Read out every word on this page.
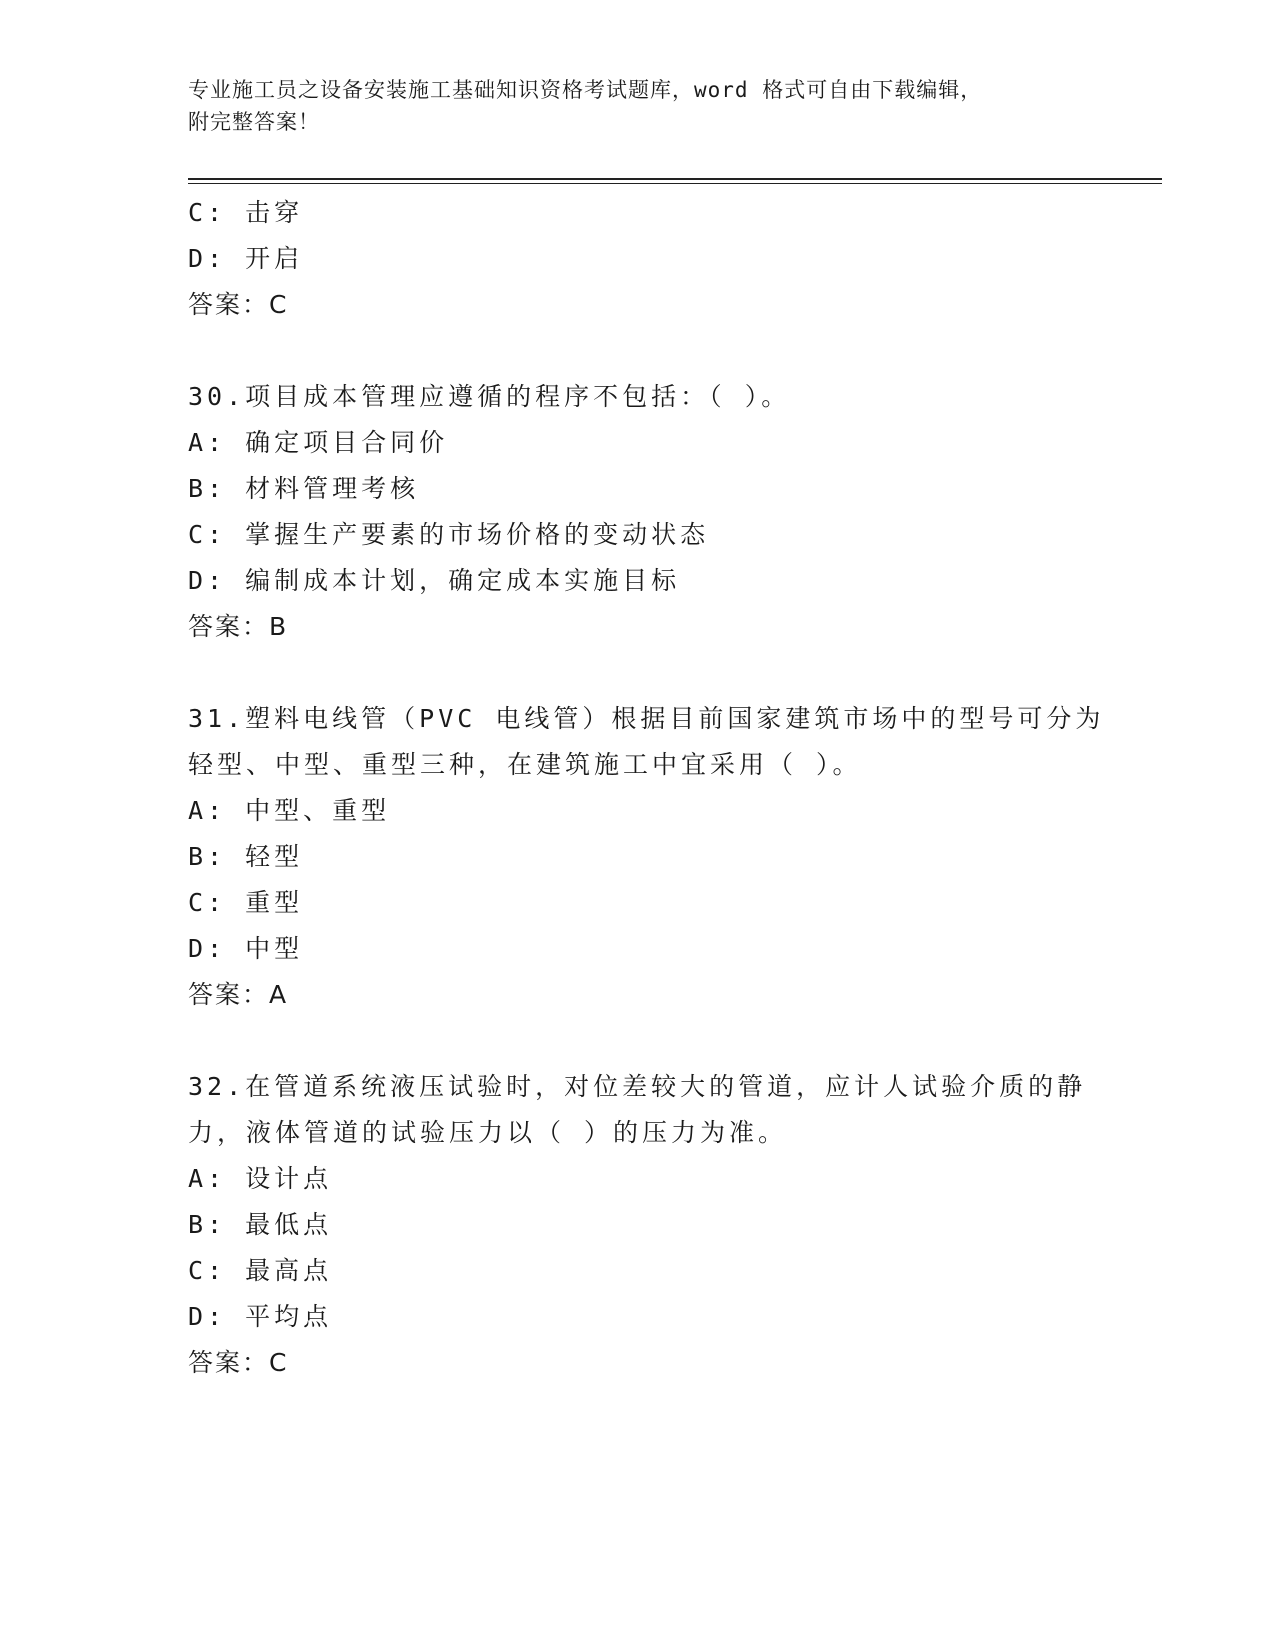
专业施工员之设备安装施工基础知识资格考试题库，word 格式可自由下载编辑，
附完整答案！
C: 击穿
D: 开启
答案：C
30.项目成本管理应遵循的程序不包括：（ ）。
A: 确定项目合同价
B: 材料管理考核
C: 掌握生产要素的市场价格的变动状态
D: 编制成本计划，确定成本实施目标
答案：B
31.塑料电线管（PVC 电线管）根据目前国家建筑市场中的型号可分为
轻型、中型、重型三种，在建筑施工中宜采用（ ）。
A: 中型、重型
B: 轻型
C: 重型
D: 中型
答案：A
32.在管道系统液压试验时，对位差较大的管道，应计人试验介质的静
力，液体管道的试验压力以（ ）的压力为准。
A: 设计点
B: 最低点
C: 最高点
D: 平均点
答案：C
